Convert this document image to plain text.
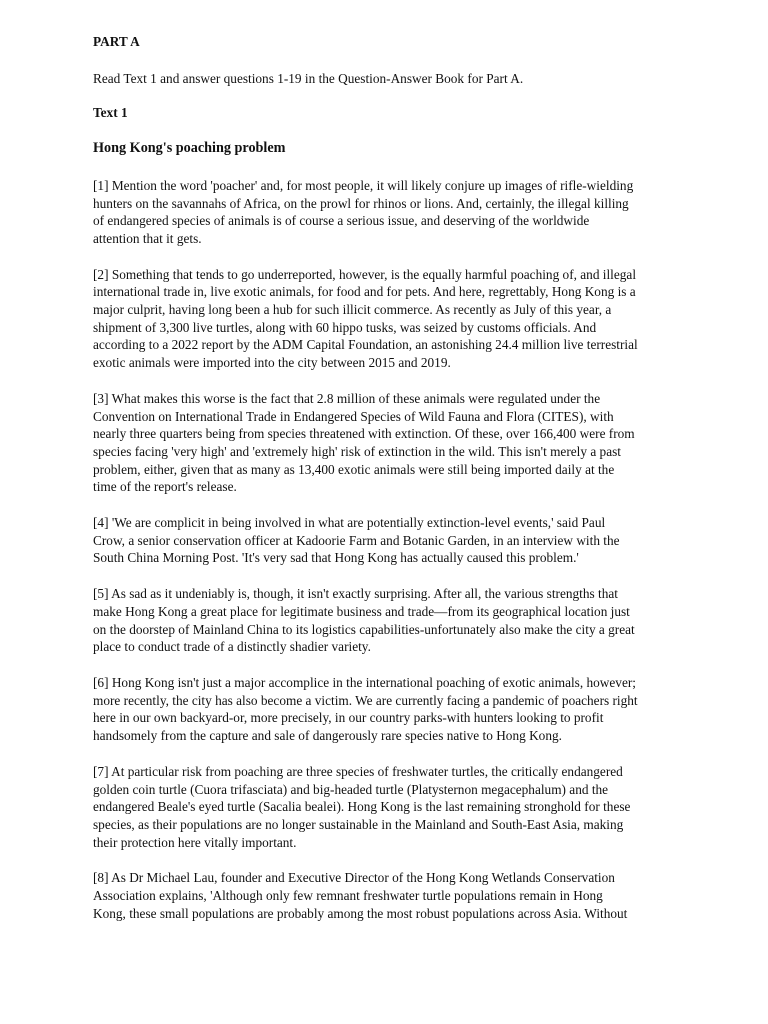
PART A

Read Text 1 and answer questions 1-19 in the Question-Answer Book for Part A.

Text 1

Hong Kong's poaching problem

[1] Mention the word 'poacher' and, for most people, it will likely conjure up images of rifle-wielding
hunters on the savannahs of Africa, on the prowl for rhinos or lions. And, certainly, the illegal killing
of endangered species of animals is of course a serious issue, and deserving of the worldwide
attention that it gets.

[2] Something that tends to go underreported, however, is the equally harmful poaching of, and illegal
international trade in, live exotic animals, for food and for pets. And here, regrettably, Hong Kong is a
major culprit, having long been a hub for such illicit commerce. As recently as July of this year, a
shipment of 3,300 live turtles, along with 60 hippo tusks, was seized by customs officials. And
according to a 2022 report by the ADM Capital Foundation, an astonishing 24.4 million live terrestrial
exotic animals were imported into the city between 2015 and 2019.

[3] What makes this worse is the fact that 2.8 million of these animals were regulated under the
Convention on International Trade in Endangered Species of Wild Fauna and Flora (CITES), with
nearly three quarters being from species threatened with extinction. Of these, over 166,400 were from
species facing 'very high' and 'extremely high' risk of extinction in the wild. This isn't merely a past
problem, either, given that as many as 13,400 exotic animals were still being imported daily at the
time of the report's release.

[4] 'We are complicit in being involved in what are potentially extinction-level events,' said Paul
Crow, a senior conservation officer at Kadoorie Farm and Botanic Garden, in an interview with the
South China Morning Post. 'It's very sad that Hong Kong has actually caused this problem.'

[5] As sad as it undeniably is, though, it isn't exactly surprising. After all, the various strengths that
make Hong Kong a great place for legitimate business and trade—from its geographical location just
on the doorstep of Mainland China to its logistics capabilities-unfortunately also make the city a great
place to conduct trade of a distinctly shadier variety.

[6] Hong Kong isn't just a major accomplice in the international poaching of exotic animals, however;
more recently, the city has also become a victim. We are currently facing a pandemic of poachers right
here in our own backyard-or, more precisely, in our country parks-with hunters looking to profit
handsomely from the capture and sale of dangerously rare species native to Hong Kong.

[7] At particular risk from poaching are three species of freshwater turtles, the critically endangered
golden coin turtle (Cuora trifasciata) and big-headed turtle (Platysternon megacephalum) and the
endangered Beale's eyed turtle (Sacalia bealei). Hong Kong is the last remaining stronghold for these
species, as their populations are no longer sustainable in the Mainland and South-East Asia, making
their protection here vitally important.

[8] As Dr Michael Lau, founder and Executive Director of the Hong Kong Wetlands Conservation
Association explains, 'Although only few remnant freshwater turtle populations remain in Hong
Kong, these small populations are probably among the most robust populations across Asia. Without
